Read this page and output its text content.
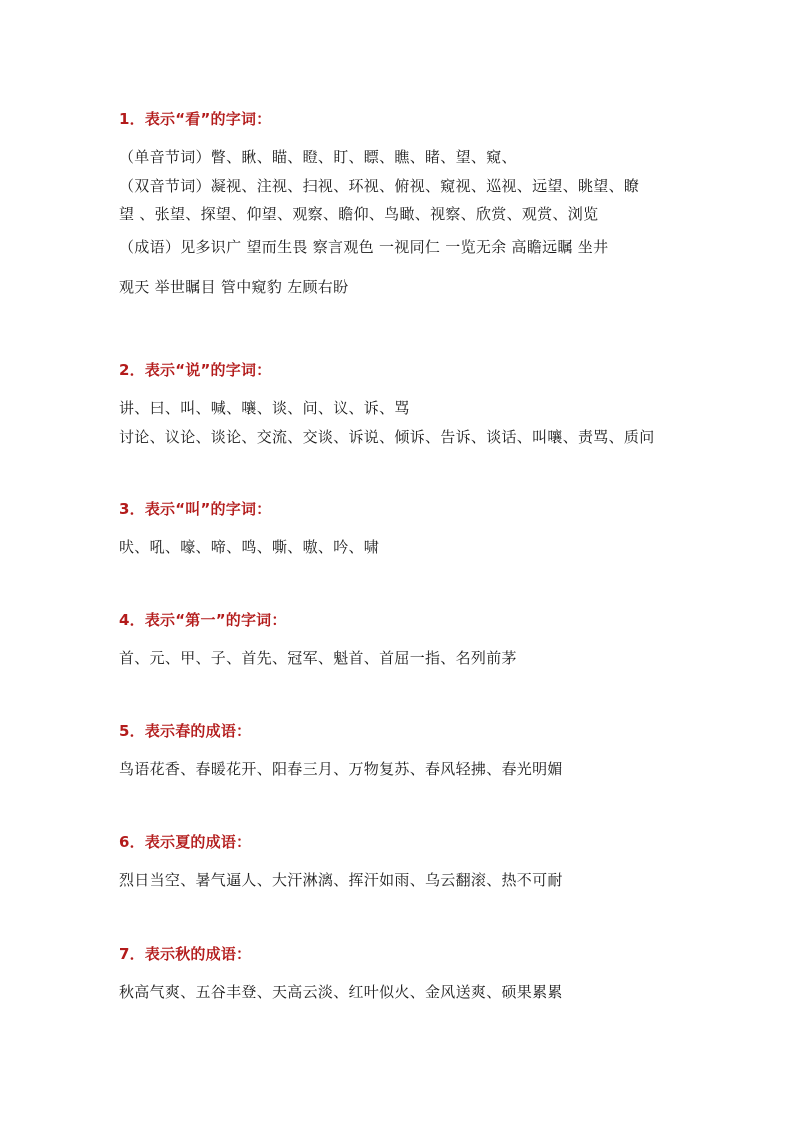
1．表示“看”的字词：
（单音节词）瞥、瞅、瞄、瞪、盯、瞟、瞧、睹、望、窥、
（双音节词）凝视、注视、扫视、环视、俯视、窥视、巡视、远望、眺望、瞭
望 、张望、探望、仰望、观察、瞻仰、鸟瞰、视察、欣赏、观赏、浏览
（成语）见多识广 望而生畏 察言观色 一视同仁 一览无余 高瞻远瞩 坐井
观天 举世瞩目 管中窥豹 左顾右盼
2．表示“说”的字词：
讲、曰、叫、喊、嚷、谈、问、议、诉、骂
讨论、议论、谈论、交流、交谈、诉说、倾诉、告诉、谈话、叫嚷、责骂、质问
3．表示“叫”的字词：
吠、吼、嚎、啼、鸣、嘶、嗷、吟、啸
4．表示“第一”的字词：
首、元、甲、子、首先、冠军、魁首、首屈一指、名列前茅
5．表示春的成语：
鸟语花香、春暖花开、阳春三月、万物复苏、春风轻拂、春光明媚
6．表示夏的成语：
烈日当空、暑气逼人、大汗淋漓、挥汗如雨、乌云翻滚、热不可耐
7．表示秋的成语：
秋高气爽、五谷丰登、天高云淡、红叶似火、金风送爽、硕果累累
